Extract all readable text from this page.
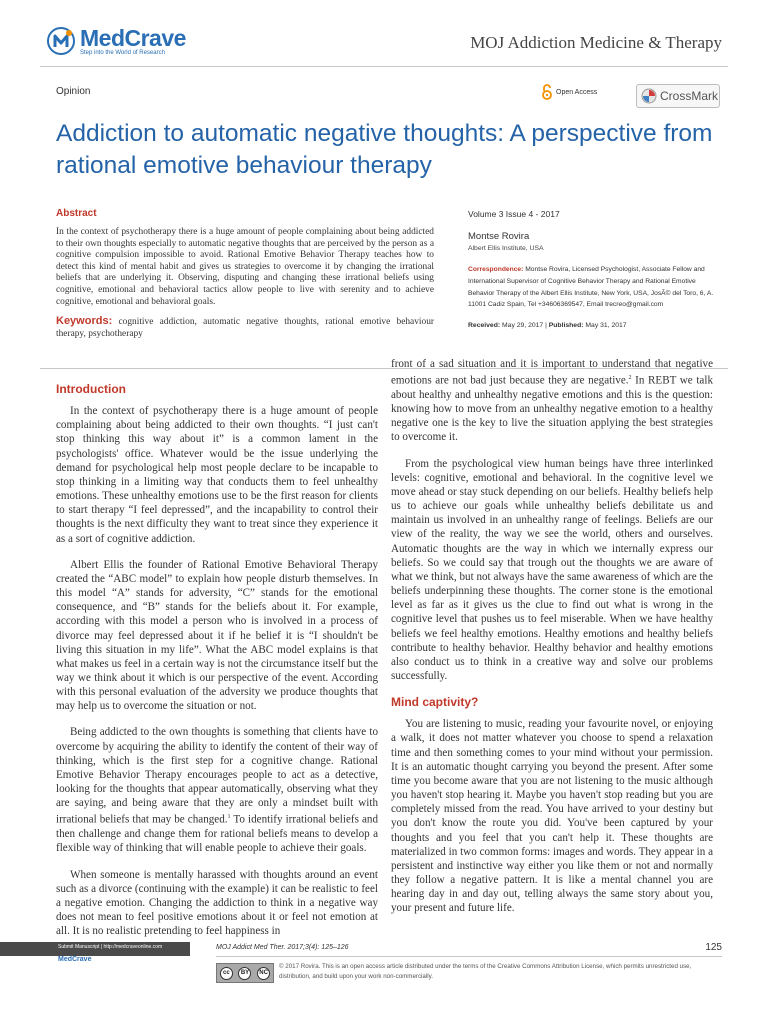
MedCrave
Step into the World of Research
MOJ Addiction Medicine & Therapy
Opinion	Open Access	CrossMark
Addiction to automatic negative thoughts: A perspective from rational emotive behaviour therapy
Abstract

In the context of psychotherapy there is a huge amount of people complaining about being addicted to their own thoughts especially to automatic negative thoughts that are perceived by the person as a cognitive compulsion impossible to avoid. Rational Emotive Behavior Therapy teaches how to detect this kind of mental habit and gives us strategies to overcome it by changing the irrational beliefs that are underlying it. Observing, disputing and changing these irrational beliefs using cognitive, emotional and behavioral tactics allow people to live with serenity and to achieve cognitive, emotional and behavioral goals.

Keywords: cognitive addiction, automatic negative thoughts, rational emotive behaviour therapy, psychotherapy

Volume 3 Issue 4 - 2017
Montse Rovira
Albert Ellis Institute, USA
Correspondence: Montse Rovira, Licensed Psychologist, Associate Fellow and International Supervisor of Cognitive Behavior Therapy and Rational Emotive Behavior Therapy of the Albert Ellis Institute, New York, USA, JosÃ© del Toro, 6, A. 11001 Cadiz Spain, Tel +34606369547, Email trecreo@gmail.com
Received: May 29, 2017 | Published: May 31, 2017
Introduction

In the context of psychotherapy there is a huge amount of people complaining about being addicted to their own thoughts. “I just can't stop thinking this way about it” is a common lament in the psychologists' office. Whatever would be the issue underlying the demand for psychological help most people declare to be incapable to stop thinking in a limiting way that conducts them to feel unhealthy emotions. These unhealthy emotions use to be the first reason for clients to start therapy “I feel depressed”, and the incapability to control their thoughts is the next difficulty they want to treat since they experience it as a sort of cognitive addiction.

Albert Ellis the founder of Rational Emotive Behavioral Therapy created the “ABC model” to explain how people disturb themselves. In this model “A” stands for adversity, “C” stands for the emotional consequence, and “B” stands for the beliefs about it. For example, according with this model a person who is involved in a process of divorce may feel depressed about it if he belief it is “I shouldn't be living this situation in my life”. What the ABC model explains is that what makes us feel in a certain way is not the circumstance itself but the way we think about it which is our perspective of the event. According with this personal evaluation of the adversity we produce thoughts that may help us to overcome the situation or not.

Being addicted to the own thoughts is something that clients have to overcome by acquiring the ability to identify the content of their way of thinking, which is the first step for a cognitive change. Rational Emotive Behavior Therapy encourages people to act as a detective, looking for the thoughts that appear automatically, observing what they are saying, and being aware that they are only a mindset built with irrational beliefs that may be changed.$^1$ To identify irrational beliefs and then challenge and change them for rational beliefs means to develop a flexible way of thinking that will enable people to achieve their goals.

When someone is mentally harassed with thoughts around an event such as a divorce (continuing with the example) it can be realistic to feel a negative emotion. Changing the addiction to think in a negative way does not mean to feel positive emotions about it or feel not emotion at all. It is no realistic pretending to feel happiness in

front of a sad situation and it is important to understand that negative emotions are not bad just because they are negative.$^2$ In REBT we talk about healthy and unhealthy negative emotions and this is the question: knowing how to move from an unhealthy negative emotion to a healthy negative one is the key to live the situation applying the best strategies to overcome it.

From the psychological view human beings have three interlinked levels: cognitive, emotional and behavioral. In the cognitive level we move ahead or stay stuck depending on our beliefs. Healthy beliefs help us to achieve our goals while unhealthy beliefs debilitate us and maintain us involved in an unhealthy range of feelings. Beliefs are our view of the reality, the way we see the world, others and ourselves. Automatic thoughts are the way in which we internally express our beliefs. So we could say that trough out the thoughts we are aware of what we think, but not always have the same awareness of which are the beliefs underpinning these thoughts. The corner stone is the emotional level as far as it gives us the clue to find out what is wrong in the cognitive level that pushes us to feel miserable. When we have healthy beliefs we feel healthy emotions. Healthy emotions and healthy beliefs contribute to healthy behavior. Healthy behavior and healthy emotions also conduct us to think in a creative way and solve our problems successfully.

Mind captivity?

You are listening to music, reading your favourite novel, or enjoying a walk, it does not matter whatever you choose to spend a relaxation time and then something comes to your mind without your permission. It is an automatic thought carrying you beyond the present. After some time you become aware that you are not listening to the music although you haven't stop hearing it. Maybe you haven't stop reading but you are completely missed from the read. You have arrived to your destiny but you don't know the route you did. You've been captured by your thoughts and you feel that you can't help it. These thoughts are materialized in two common forms: images and words. They appear in a persistent and instinctive way either you like them or not and normally they follow a negative pattern. It is like a mental channel you are hearing day in and day out, telling always the same story about you, your present and future life.

Submit Manuscript | http://medcraveonline.com
MedCrave
MOJ Addict Med Ther. 2017;3(4): 125‒126	125
cc	BY	NC
© 2017 Rovira. This is an open access article distributed under the terms of the Creative Commons Attribution License, which permits unrestricted use, distribution, and build upon your work non-commercially.
